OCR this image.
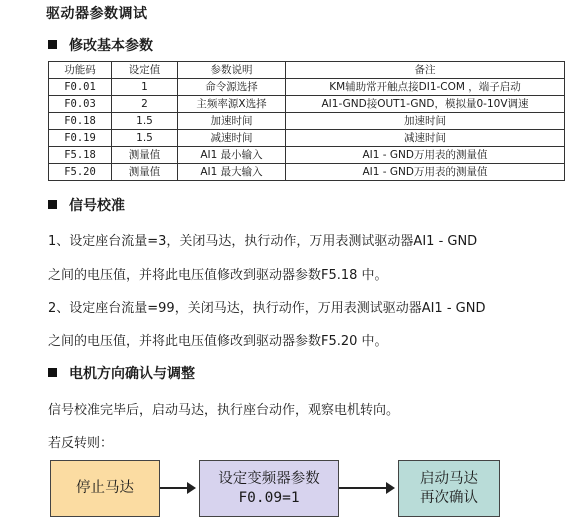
驱动器参数调试
修改基本参数
功能码	设定值	参数说明	备注
F0.01	1	命令源选择	KM辅助常开触点接DI1-COM ，端子启动
F0.03	2	主频率源X选择	AI1-GND接OUT1-GND，模拟量0-10V调速
F0.18	1.5	加速时间	加速时间
F0.19	1.5	减速时间	减速时间
F5.18	测量值	AI1 最小输入	AI1 - GND万用表的测量值
F5.20	测量值	AI1 最大输入	AI1 - GND万用表的测量值
信号校准
1、设定座台流量=3，关闭马达，执行动作，万用表测试驱动器AI1 - GND
之间的电压值，并将此电压值修改到驱动器参数F5.18 中。
2、设定座台流量=99，关闭马达，执行动作，万用表测试驱动器AI1 - GND
之间的电压值，并将此电压值修改到驱动器参数F5.20 中。
电机方向确认与调整
信号校准完毕后，启动马达，执行座台动作，观察电机转向。
若反转则：
停止马达
设定变频器参数
F0.09=1
启动马达
再次确认
